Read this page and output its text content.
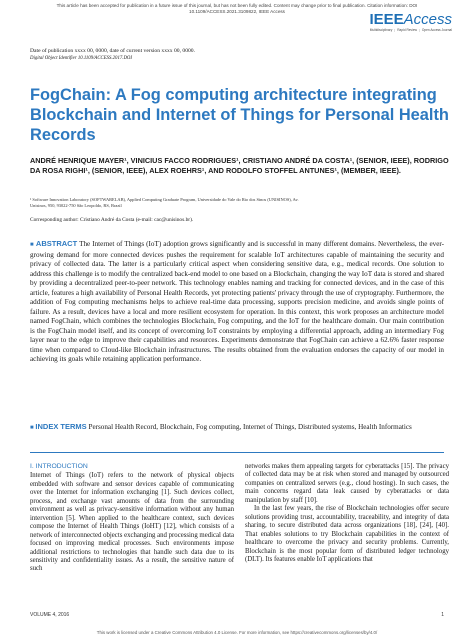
This article has been accepted for publication in a future issue of this journal, but has not been fully edited. Content may change prior to final publication. Citation information: DOI
10.1109/ACCESS.2021.3109822, IEEE Access	IEEEAccess
Multidisciplinary ⋮ Rapid Review ⋮ Open Access Journal
Date of publication xxxx 00, 0000, date of current version xxxx 00, 0000.
Digital Object Identifier 10.1109/ACCESS.2017.DOI
FogChain: A Fog computing architecture integrating Blockchain and Internet of Things for Personal Health Records
ANDRÉ HENRIQUE MAYER¹, VINICIUS FACCO RODRIGUES¹, CRISTIANO ANDRÉ DA COSTA¹, (SENIOR, IEEE), RODRIGO DA ROSA RIGHI¹, (SENIOR, IEEE), ALEX ROEHRS¹, AND RODOLFO STOFFEL ANTUNES¹, (MEMBER, IEEE).
¹ Software Innovation Laboratory (SOFTWARELAB), Applied Computing Graduate Program, Universidade do Vale do Rio dos Sinos (UNISINOS), Av.
Unisinos, 950, 93022-750 São Leopoldo, RS, Brazil
Corresponding author: Cristiano André da Costa (e-mail: cac@unisinos.br).
■ ABSTRACT The Internet of Things (IoT) adoption grows significantly and is successful in many different domains. Nevertheless, the ever-growing demand for more connected devices pushes the requirement for scalable IoT architectures capable of maintaining the security and privacy of collected data. The latter is a particularly critical aspect when considering sensitive data, e.g., medical records. One solution to address this challenge is to modify the centralized back-end model to one based on a Blockchain, changing the way IoT data is stored and shared by providing a decentralized peer-to-peer network. This technology enables naming and tracking for connected devices, and in the case of this article, features a high availability of Personal Health Records, yet protecting patients' privacy through the use of cryptography. Furthermore, the addition of Fog computing mechanisms helps to achieve real-time data processing, supports precision medicine, and avoids single points of failure. As a result, devices have a local and more resilient ecosystem for operation. In this context, this work proposes an architecture model named FogChain, which combines the technologies Blockchain, Fog computing, and the IoT for the healthcare domain. Our main contribution is the FogChain model itself, and its concept of overcoming IoT constraints by employing a differential approach, adding an intermediary Fog layer near to the edge to improve their capabilities and resources. Experiments demonstrate that FogChain can achieve a 62.6% faster response time when compared to Cloud-like Blockchain infrastructures. The results obtained from the evaluation endorses the capacity of our model in achieving its goals while retaining application performance.
■ INDEX TERMS Personal Health Record, Blockchain, Fog computing, Internet of Things, Distributed systems, Health Informatics
I. INTRODUCTION

Internet of Things (IoT) refers to the network of physical objects embedded with software and sensor devices capable of communicating over the Internet for information exchanging [1]. Such devices collect, process, and exchange vast amounts of data from the surrounding environment as well as privacy-sensitive information without any human intervention [5]. When applied to the healthcare context, such devices compose the Internet of Health Things (IoHT) [12], which consists of a network of interconnected objects exchanging and processing medical data focused on improving medical processes. Such environments impose additional restrictions to technologies that handle such data due to its sensitivity and confidentiality issues. As a result, the sensitive nature of such

networks makes them appealing targets for cyberattacks [15]. The privacy of collected data may be at risk when stored and managed by outsourced companies on centralized servers (e.g., cloud hosting). In such cases, the main concerns regard data leak caused by cyberattacks or data manipulation by staff [10].

In the last few years, the rise of Blockchain technologies offer secure solutions providing trust, accountability, traceability, and integrity of data sharing, to secure distributed data across organizations [18], [24], [40]. That enables solutions to try Blockchain capabilities in the context of healthcare to overcome the privacy and security problems. Currently, Blockchain is the most popular form of distributed ledger technology (DLT). Its features enable IoT applications that

VOLUME 4, 2016	1
This work is licensed under a Creative Commons Attribution 4.0 License. For more information, see https://creativecommons.org/licenses/by/4.0/
